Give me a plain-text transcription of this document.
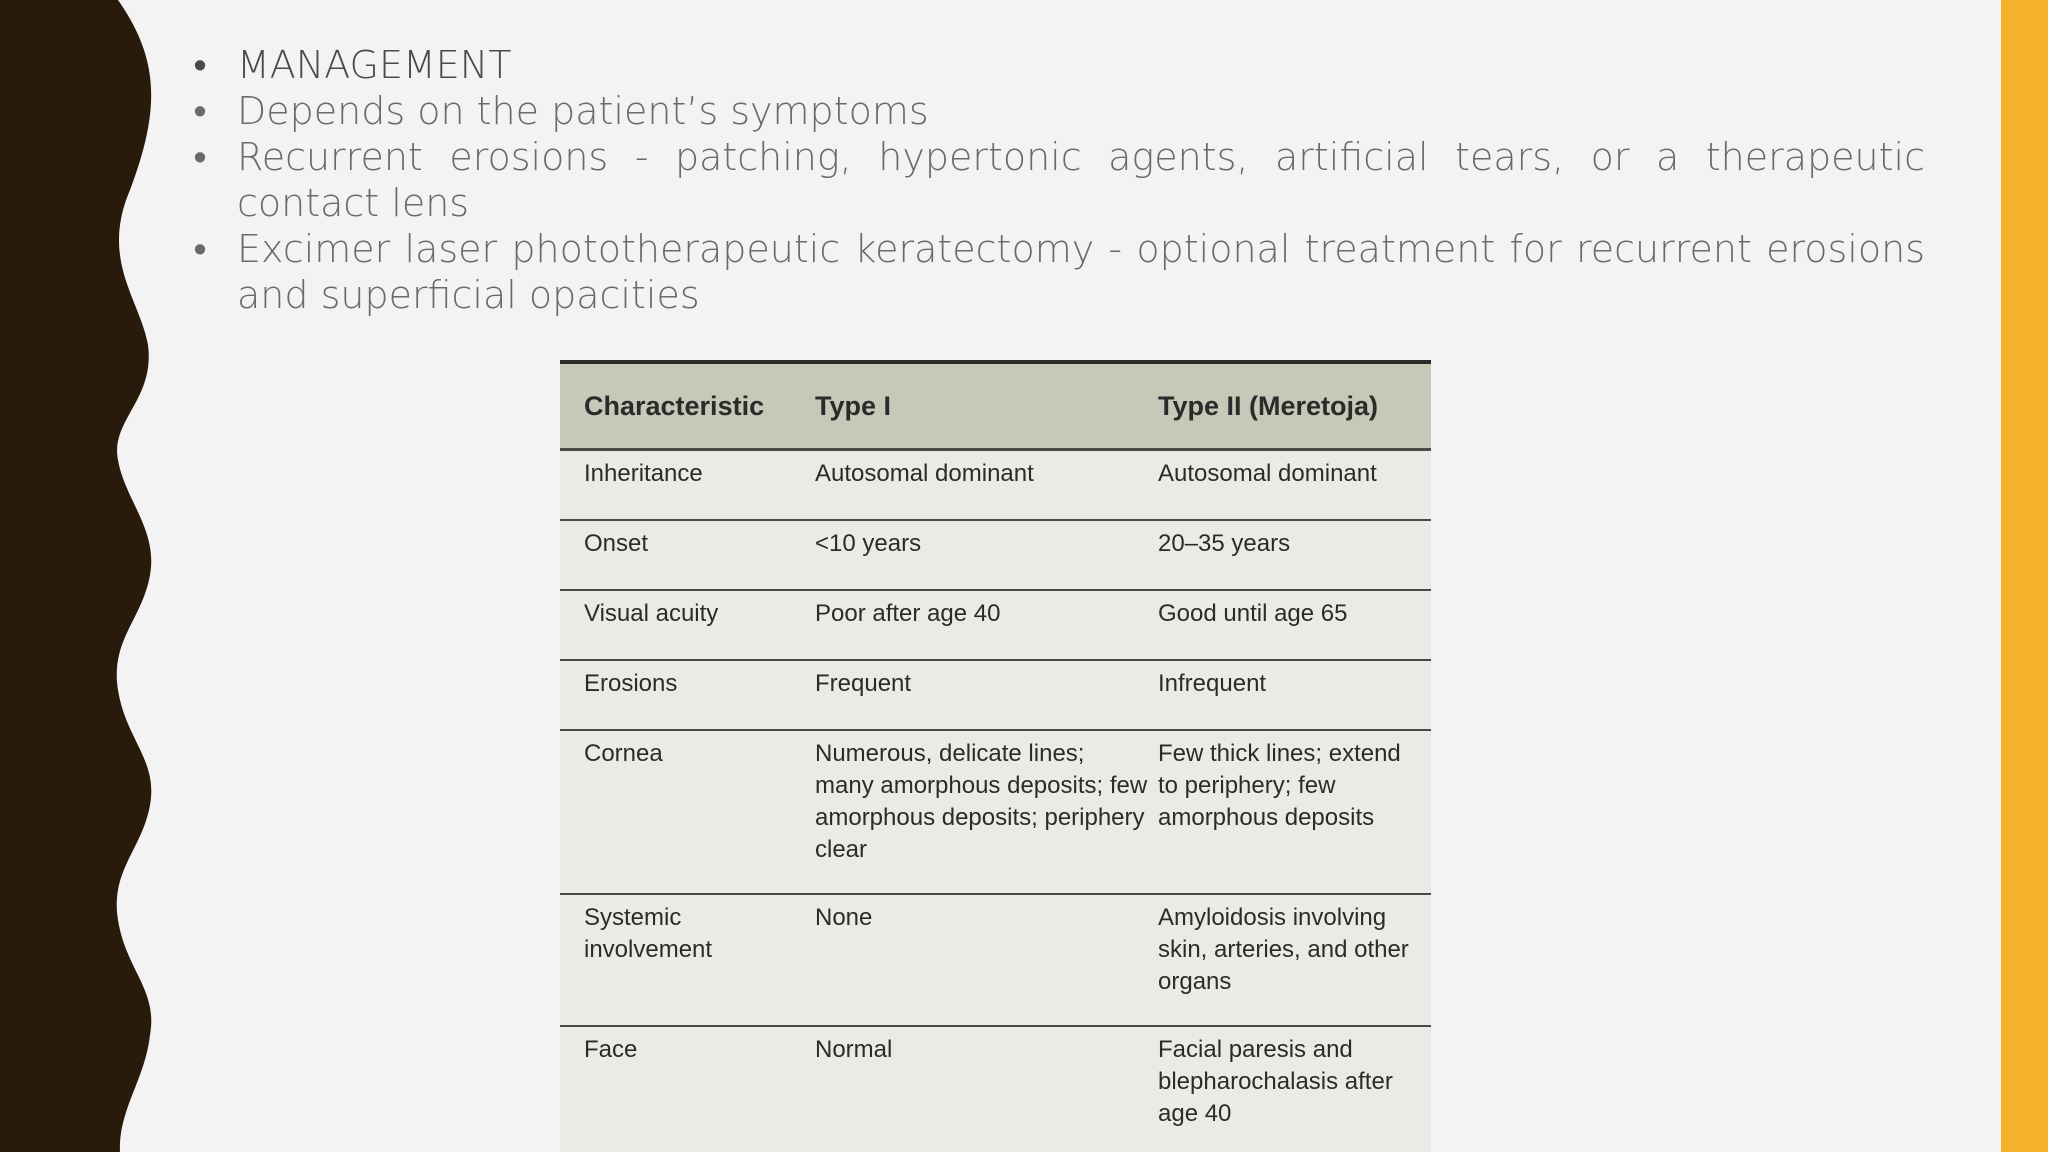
• MANAGEMENT
• Depends on the patient’s symptoms
• Recurrent erosions - patching, hypertonic agents, artificial tears, or a therapeutic contact lens
• Excimer laser phototherapeutic keratectomy - optional treatment for recurrent erosions and superficial opacities
Characteristic	Type I	Type II (Meretoja)
Inheritance	Autosomal dominant	Autosomal dominant
Onset	<10 years	20–35 years
Visual acuity	Poor after age 40	Good until age 65
Erosions	Frequent	Infrequent
Cornea	Numerous, delicate lines; many amorphous deposits; few amorphous deposits; periphery clear	Few thick lines; extend to periphery; few amorphous deposits
Systemic involvement	None	Amyloidosis involving skin, arteries, and other organs
Face	Normal	Facial paresis and blepharochalasis after age 40
